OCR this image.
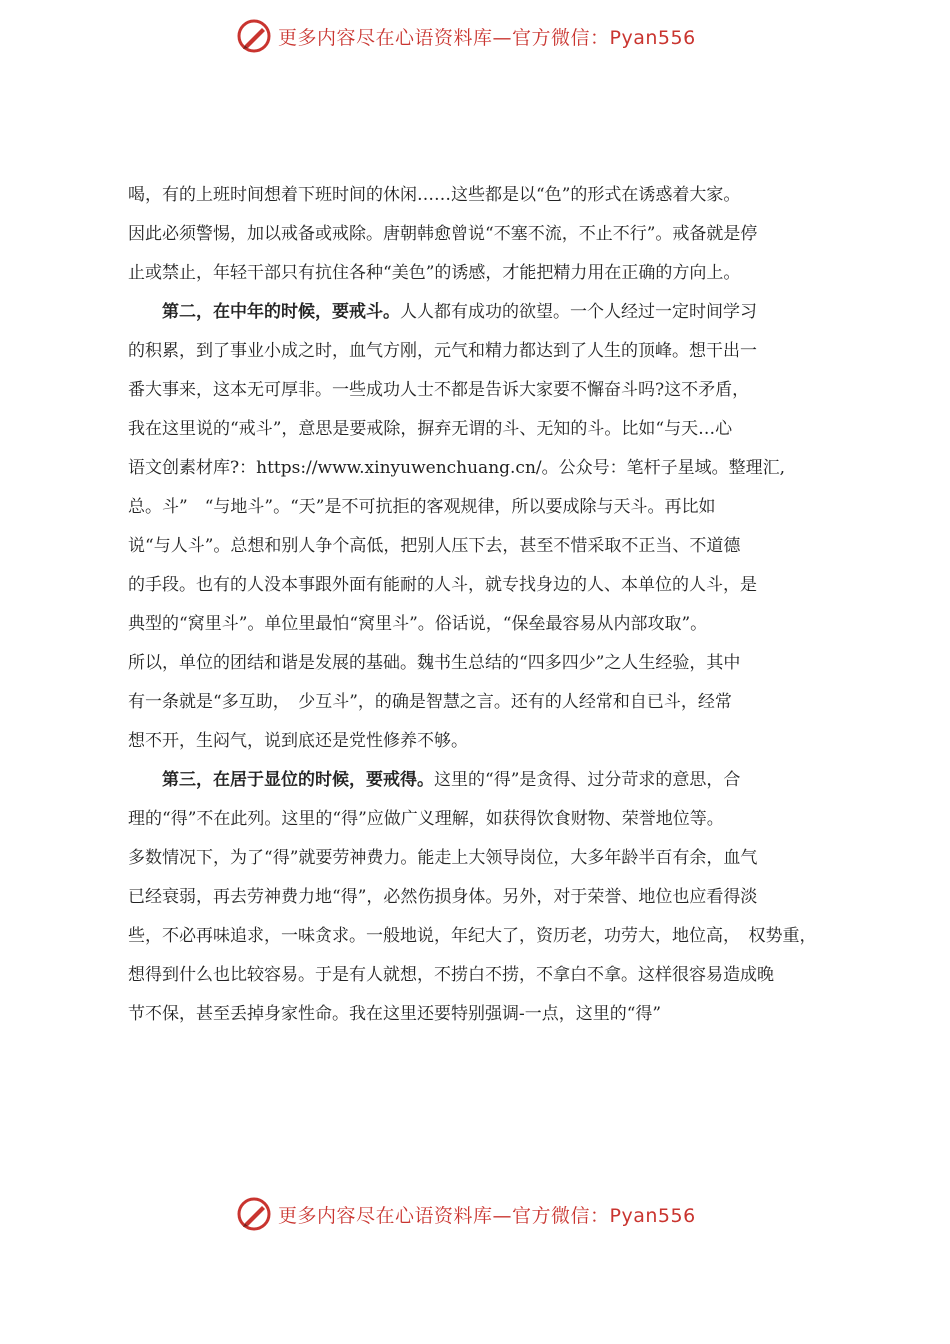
更多内容尽在心语资料库—官方微信：Pyan556
喝，有的上班时间想着下班时间的休闲……这些都是以“色”的形式在诱惑着大家。
因此必须警惕，加以戒备或戒除。唐朝韩愈曾说“不塞不流，不止不行”。戒备就是停
止或禁止，年轻干部只有抗住各种“美色”的诱感，才能把精力用在正确的方向上。
第二，在中年的时候，要戒斗。人人都有成功的欲望。一个人经过一定时间学习
的积累，到了事业小成之时，血气方刚，元气和精力都达到了人生的顶峰。想干出一
番大事来，这本无可厚非。一些成功人士不都是告诉大家要不懈奋斗吗?这不矛盾，
我在这里说的“戒斗”，意思是要戒除，摒弃无谓的斗、无知的斗。比如“与天…心
语文创素材库?：https://www.xinyuwenchuang.cn/。公众号：笔杆子星域。整理汇,
总。斗”　“与地斗”。“天”是不可抗拒的客观规律，所以要成除与天斗。再比如
说“与人斗”。总想和别人争个高低，把别人压下去，甚至不惜采取不正当、不道德
的手段。也有的人没本事跟外面有能耐的人斗，就专找身边的人、本单位的人斗，是
典型的“窝里斗”。单位里最怕“窝里斗”。俗话说，“保垒最容易从内部攻取”。
所以，单位的团结和谐是发展的基础。魏书生总结的“四多四少”之人生经验，其中
有一条就是“多互助，　少互斗”，的确是智慧之言。还有的人经常和自已斗，经常
想不开，生闷气，说到底还是党性修养不够。
第三，在居于显位的时候，要戒得。这里的“得”是贪得、过分苛求的意思，合
理的“得”不在此列。这里的“得”应做广义理解，如获得饮食财物、荣誉地位等。
多数情况下，为了“得”就要劳神费力。能走上大领导岗位，大多年龄半百有余，血气
已经衰弱，再去劳神费力地“得”，必然伤损身体。另外，对于荣誉、地位也应看得淡
些，不必再味追求，一味贪求。一般地说，年纪大了，资历老，功劳大，地位高，　权势重，
想得到什么也比较容易。于是有人就想，不捞白不捞，不拿白不拿。这样很容易造成晚
节不保，甚至丢掉身家性命。我在这里还要特别强调-一点，这里的“得”
更多内容尽在心语资料库—官方微信：Pyan556
